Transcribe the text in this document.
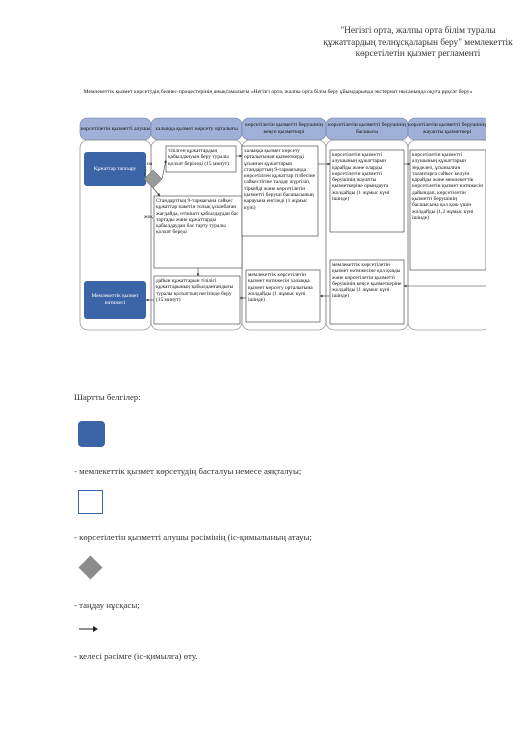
"Негізгі орта, жалпы орта білім туралы құжаттардың телнұсқаларын беру" мемлекеттік көрсетілетін қызмет регламенті
Мемлекеттік қызмет көрсетудің бизнес-процестерінің анықтамалығы «Негізгі орта, жалпы орта білім беру ұйымдарында экстернат нысанында оқуға рұқсат беру»
көрсетілетін қызметті алушы халыққа қызмет көрсету орталығы
көрсетілетін қызметті берушінің кеңсе қызметкері
көрсетілетін қызметті берушінің басшысы
көрсетілетін қызметті берушінің жауапты қызметкері
Құжаттар тапсыру
Мемлекеттік қызмет нәтижесі
иә
жоқ
тізілген құжаттардың қабылдануын беру туралы қолхат беріледі (15 минут)
Стандарттың 9-тармағына сәйкес құжаттар пакетін толық ұсынбаған жағдайда, өтінішті қабылдаудан бас тартады және құжаттарды қабылдаудан бас тарту туралы қолхат береді
халыққа қызмет көрсету орталығынан қызметкерді ұсынған құжаттарын стандарттың 9-тармағында көрсетілген құжаттар тізбесіне сәйкестігіне талдау жүргізіп, тіркейді және көрсетілетін қызметті берушi басшысының қарауына енгізеді (1 жұмыс күні)
көрсетілетін қызметті алушының құжаттарын қарайды және оларды көрсетілетін қызметті берушінің жауапты қызметкеріне орындауға жолдайды (1 жұмыс күні ішінде)
көрсетілетін қызметті алушының құжаттарын зерделеп, ұсынылған талаптарға сәйкес келуін қарайды және мемлекеттік көрсетілетін қызмет нәтижесін дайындап, көрсетілетін қызметті берушінің басшысына қол қою үшін жолдайды (1,2 жұмыс күні ішінде)
мемлекеттік көрсетілетін қызмет нәтижесіне қол қояды және көрсетілетін қызметті берушінің кеңсе қызметкеріне жолдайды (1 жұмыс күні ішінде)
мемлекеттік көрсетілетін қызмет нәтижесін халыққа қызмет көрсету орталығына жолдайды (1 жұмыс күні ішінде)
дайын құжаттарын тізілісі құжаттарының қабылданғандығы туралы қолхаттың негізінде беру (15 минут)
Шартты белгілер:
- мемлекеттік қызмет көрсетудің басталуы немесе аяқталуы;
- көрсетілетін қызметті алушы рәсімінің (іс-қимылының атауы;
- таңдау нұсқасы;
- келесі рәсімге (іс-қимылға) өту.
